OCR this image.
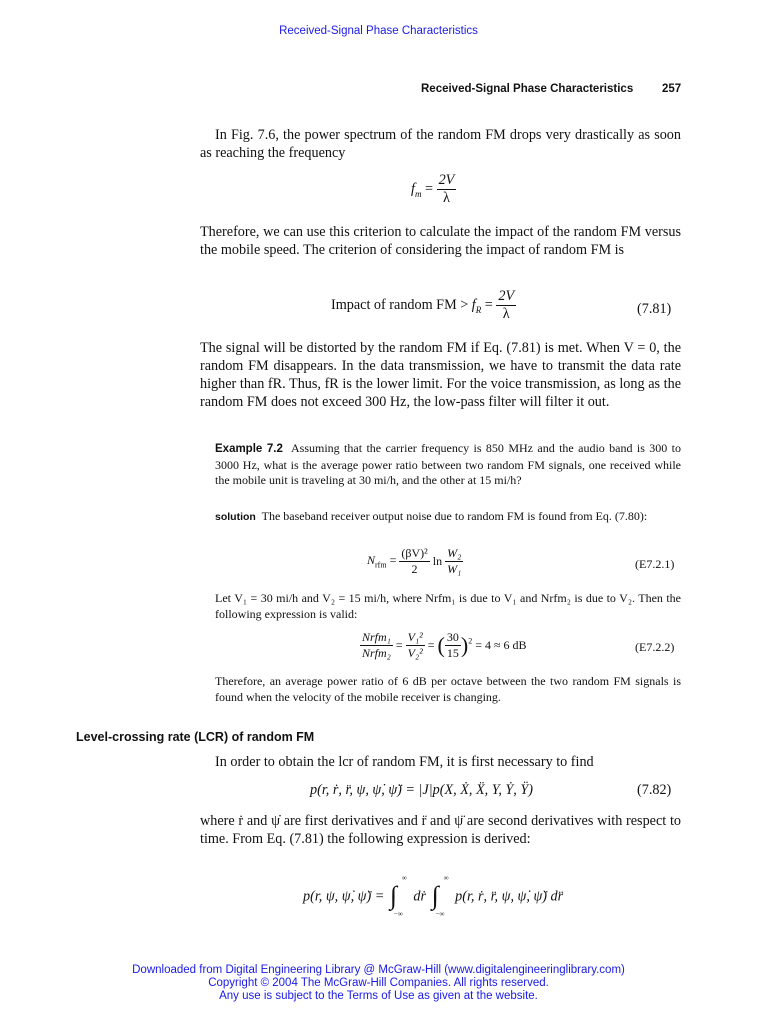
Received-Signal Phase Characteristics
Received-Signal Phase Characteristics	257
In Fig. 7.6, the power spectrum of the random FM drops very drastically as soon as reaching the frequency
$f_m = \frac{2V}{\lambda}$
Therefore, we can use this criterion to calculate the impact of the random FM versus the mobile speed. The criterion of considering the impact of random FM is
Impact of random FM > $f_R = \frac{2V}{\lambda}$	(7.81)
The signal will be distorted by the random FM if Eq. (7.81) is met. When V = 0, the random FM disappears. In the data transmission, we have to transmit the data rate higher than fR. Thus, fR is the lower limit. For the voice transmission, as long as the random FM does not exceed 300 Hz, the low-pass filter will filter it out.
Example 7.2 Assuming that the carrier frequency is 850 MHz and the audio band is 300 to 3000 Hz, what is the average power ratio between two random FM signals, one received while the mobile unit is traveling at 30 mi/h, and the other at 15 mi/h?
solution The baseband receiver output noise due to random FM is found from Eq. (7.80):
$N_{rfm} = \frac{\text{(βV)²}}{2}$ $\ln \frac{\text{W₂}}{\text{W₁}}$	(E7.2.1)
Let V₁ = 30 mi/h and V₂ = 15 mi/h, where Nrfm₁ is due to V₁ and Nrfm₂ is due to V₂. Then the following expression is valid:
$\frac{\text{Nrfm₁}}{\text{Nrfm₂}} = \frac{\text{V₁²}}{\text{V₂²}}$ = ( $\frac{30}{15} )^2 = 4 \approx 6$ dB	(E7.2.2)
Therefore, an average power ratio of 6 dB per octave between the two random FM signals is found when the velocity of the mobile receiver is changing.
Level-crossing rate (LCR) of random FM
In order to obtain the lcr of random FM, it is first necessary to find
p(r, ṙ, r̈, ψ, ψ̇, ψ̈) = |J|p(X, Ẋ, Ẍ, Y, Ẏ, Ÿ)	(7.82)
where ṙ and ψ̇ are first derivatives and r̈ and ψ̈ are second derivatives with respect to time. From Eq. (7.81) the following expression is derived:
p(r, ψ, ψ̇, ψ̈) = ∫
∞
−∞
dṙ ∫
∞
−∞
p(r, ṙ, r̈, ψ, ψ̇, ψ̈) dr̈
Downloaded from Digital Engineering Library @ McGraw-Hill (www.digitalengineeringlibrary.com)
Copyright © 2004 The McGraw-Hill Companies. All rights reserved.
Any use is subject to the Terms of Use as given at the website.
